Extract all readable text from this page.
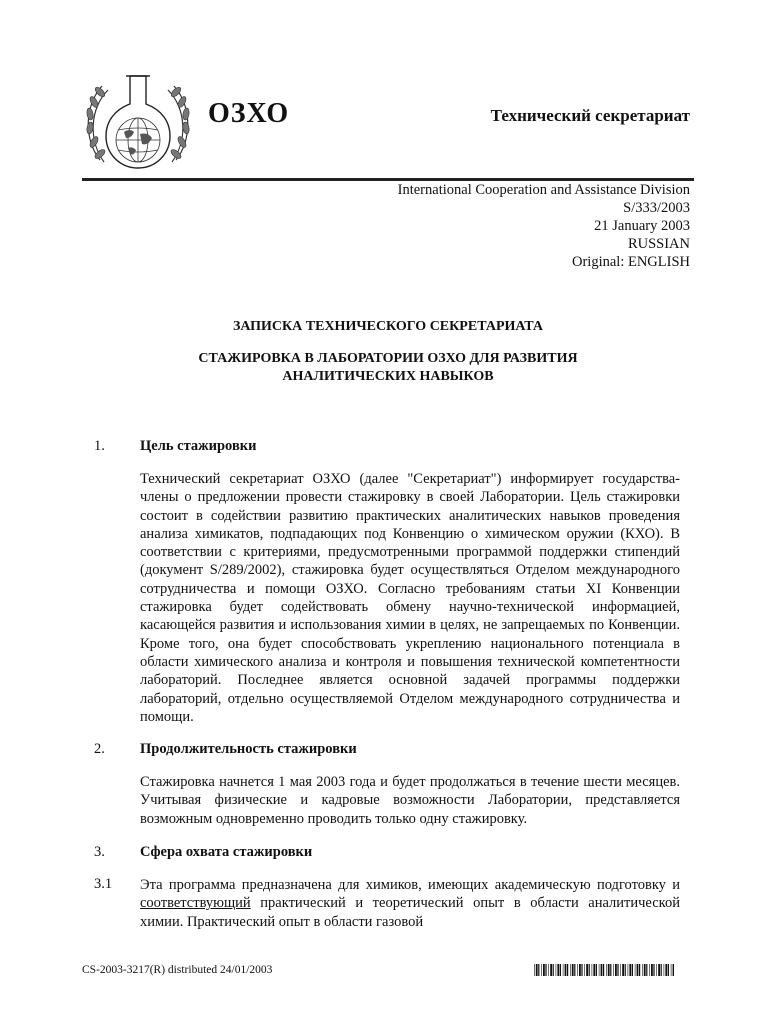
ОЗХО	Технический секретариат
International Cooperation and Assistance Division
S/333/2003
21 January 2003
RUSSIAN
Original: ENGLISH
ЗАПИСКА ТЕХНИЧЕСКОГО СЕКРЕТАРИАТА
СТАЖИРОВКА В ЛАБОРАТОРИИ ОЗХО ДЛЯ РАЗВИТИЯ
АНАЛИТИЧЕСКИХ НАВЫКОВ
1. Цель стажировки
Технический секретариат ОЗХО (далее "Секретариат") информирует государства-члены о предложении провести стажировку в своей Лаборатории. Цель стажировки состоит в содействии развитию практических аналитических навыков проведения анализа химикатов, подпадающих под Конвенцию о химическом оружии (КХО). В соответствии с критериями, предусмотренными программой поддержки стипендий (документ S/289/2002), стажировка будет осуществляться Отделом международного сотрудничества и помощи ОЗХО. Согласно требованиям статьи XI Конвенции стажировка будет содействовать обмену научно-технической информацией, касающейся развития и использования химии в целях, не запрещаемых по Конвенции. Кроме того, она будет способствовать укреплению национального потенциала в области химического анализа и контроля и повышения технической компетентности лабораторий. Последнее является основной задачей программы поддержки лабораторий, отдельно осуществляемой Отделом международного сотрудничества и помощи.
2. Продолжительность стажировки
Стажировка начнется 1 мая 2003 года и будет продолжаться в течение шести месяцев. Учитывая физические и кадровые возможности Лаборатории, представляется возможным одновременно проводить только одну стажировку.
3. Сфера охвата стажировки
3.1 Эта программа предназначена для химиков, имеющих академическую подготовку и соответствующий практический и теоретический опыт в области аналитической химии. Практический опыт в области газовой
CS-2003-3217(R) distributed 24/01/2003
